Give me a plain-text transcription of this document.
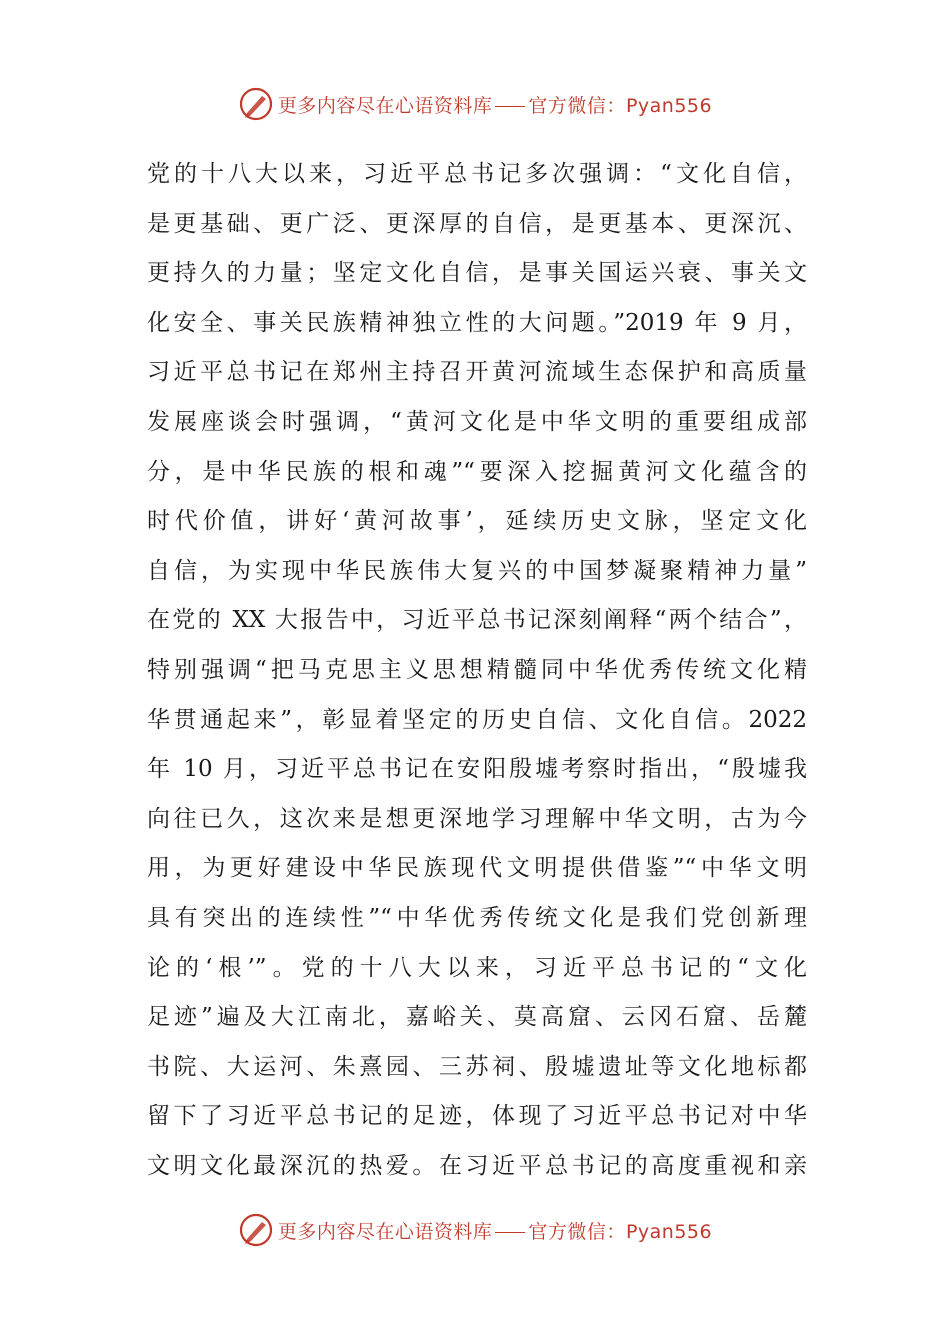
更多内容尽在心语资料库 官方微信：Pyan556
党的十八大以来，习近平总书记多次强调：“文化自信，
是更基础、更广泛、更深厚的自信，是更基本、更深沉、
更持久的力量；坚定文化自信，是事关国运兴衰、事关文
化安全、事关民族精神独立性的大问题。”2019 年 9 月，
习近平总书记在郑州主持召开黄河流域生态保护和高质量
发展座谈会时强调，“黄河文化是中华文明的重要组成部
分，是中华民族的根和魂”“要深入挖掘黄河文化蕴含的
时代价值，讲好‘黄河故事’，延续历史文脉，坚定文化
自信，为实现中华民族伟大复兴的中国梦凝聚精神力量”
在党的 XX 大报告中，习近平总书记深刻阐释“两个结合”，
特别强调“把马克思主义思想精髓同中华优秀传统文化精
华贯通起来”，彰显着坚定的历史自信、文化自信。2022
年 10 月，习近平总书记在安阳殷墟考察时指出，“殷墟我
向往已久，这次来是想更深地学习理解中华文明，古为今
用，为更好建设中华民族现代文明提供借鉴”“中华文明
具有突出的连续性”“中华优秀传统文化是我们党创新理
论的‘根’”。党的十八大以来，习近平总书记的“文化
足迹”遍及大江南北，嘉峪关、莫高窟、云冈石窟、岳麓
书院、大运河、朱熹园、三苏祠、殷墟遗址等文化地标都
留下了习近平总书记的足迹，体现了习近平总书记对中华
文明文化最深沉的热爱。在习近平总书记的高度重视和亲
更多内容尽在心语资料库 官方微信：Pyan556
